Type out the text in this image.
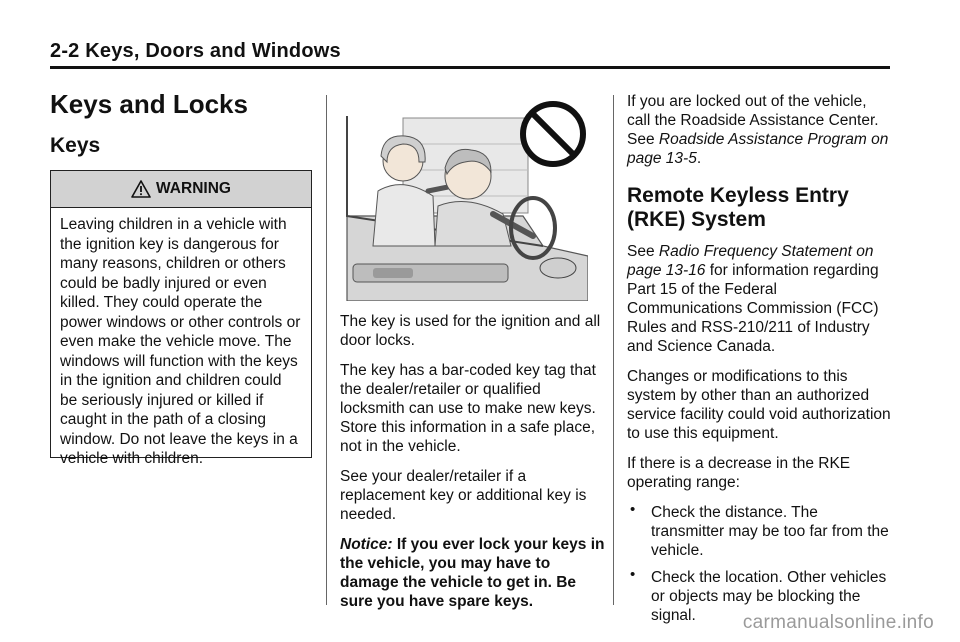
2-2 Keys, Doors and Windows
Keys and Locks
Keys
WARNING
Leaving children in a vehicle with the ignition key is dangerous for many reasons, children or others could be badly injured or even killed. They could operate the power windows or other controls or even make the vehicle move. The windows will function with the keys in the ignition and children could be seriously injured or killed if caught in the path of a closing window. Do not leave the keys in a vehicle with children.

The key is used for the ignition and all door locks.

The key has a bar-coded key tag that the dealer/retailer or qualified locksmith can use to make new keys. Store this information in a safe place, not in the vehicle.

See your dealer/retailer if a replacement key or additional key is needed.

Notice: If you ever lock your keys in the vehicle, you may have to damage the vehicle to get in. Be sure you have spare keys.

If you are locked out of the vehicle, call the Roadside Assistance Center. See Roadside Assistance Program on page 13-5.

Remote Keyless Entry (RKE) System

See Radio Frequency Statement on page 13-16 for information regarding Part 15 of the Federal Communications Commission (FCC) Rules and RSS-210/211 of Industry and Science Canada.

Changes or modifications to this system by other than an authorized service facility could void authorization to use this equipment.

If there is a decrease in the RKE operating range:

• Check the distance. The transmitter may be too far from the vehicle.
• Check the location. Other vehicles or objects may be blocking the signal.	carmanualsonline.info
